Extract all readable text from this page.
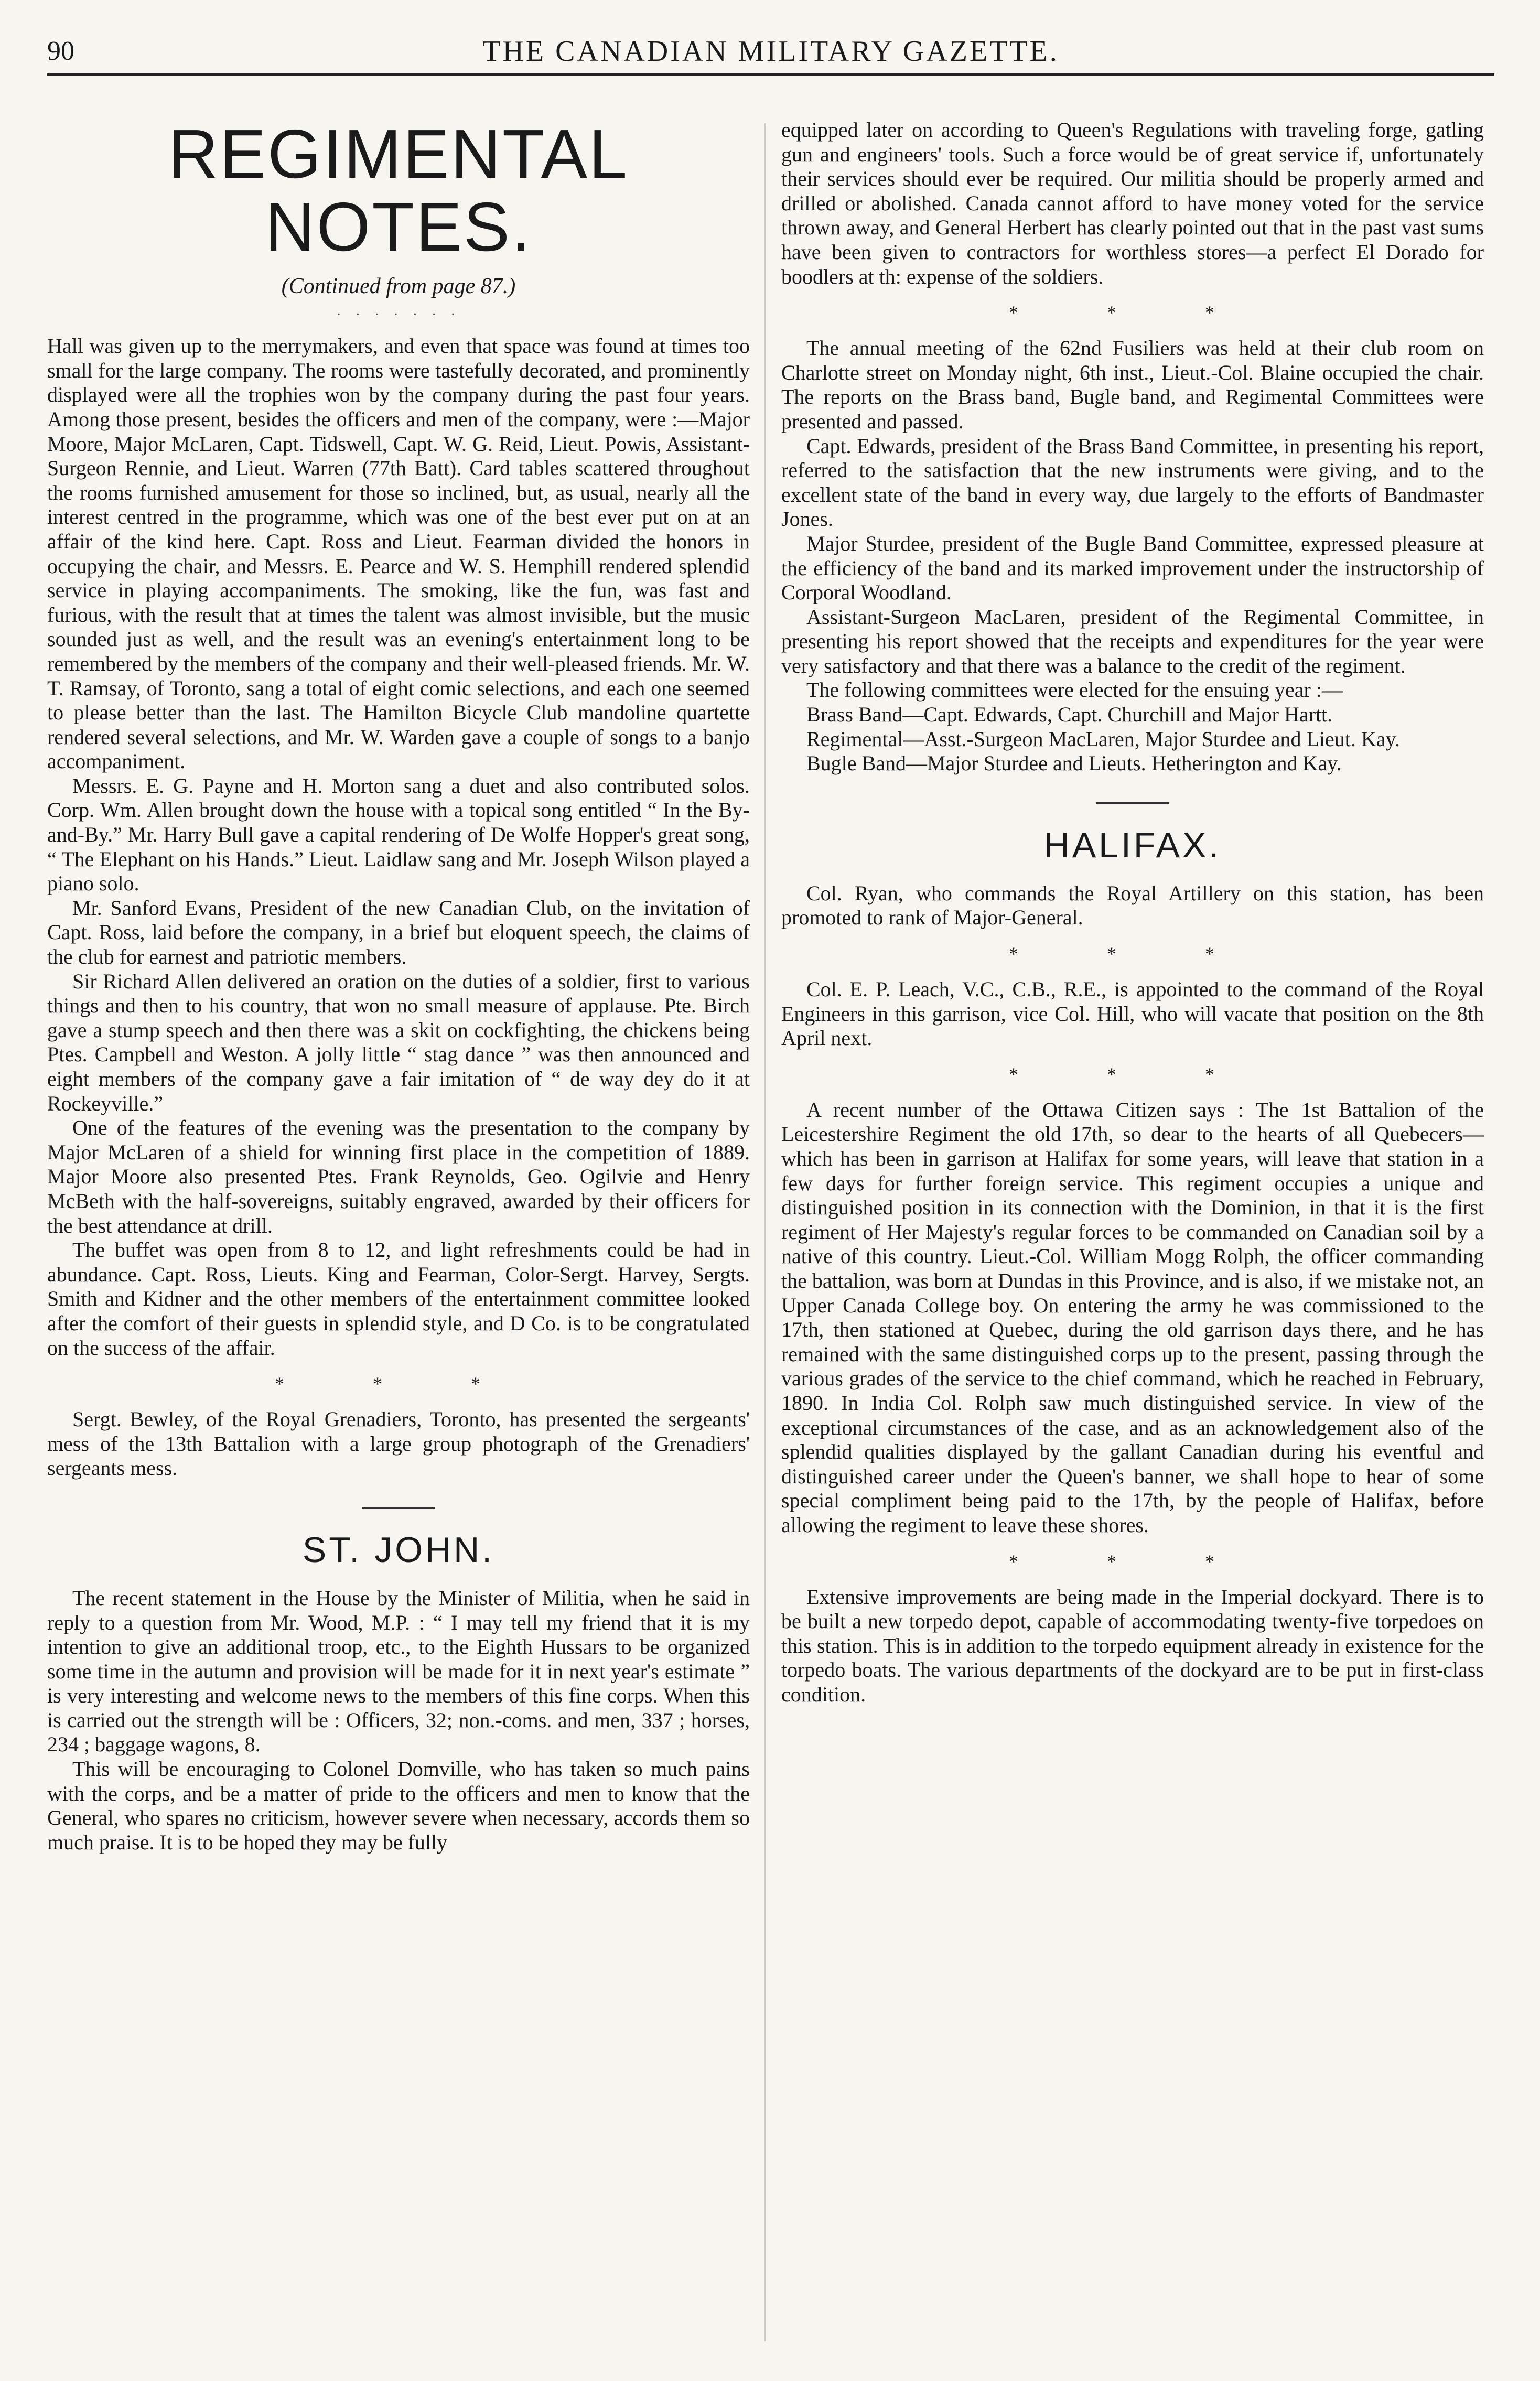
90	THE CANADIAN MILITARY GAZETTE.
REGIMENTAL NOTES.
(Continued from page 87.)
· · · · · · ·

Hall was given up to the merrymakers, and even that space was found at times too small for the large company. The rooms were tastefully decorated, and prominently displayed were all the trophies won by the company during the past four years. Among those present, besides the officers and men of the company, were :—Major Moore, Major McLaren, Capt. Tidswell, Capt. W. G. Reid, Lieut. Powis, Assistant-Surgeon Rennie, and Lieut. Warren (77th Batt). Card tables scattered throughout the rooms furnished amusement for those so inclined, but, as usual, nearly all the interest centred in the programme, which was one of the best ever put on at an affair of the kind here. Capt. Ross and Lieut. Fearman divided the honors in occupying the chair, and Messrs. E. Pearce and W. S. Hemphill rendered splendid service in playing accompaniments. The smoking, like the fun, was fast and furious, with the result that at times the talent was almost invisible, but the music sounded just as well, and the result was an evening's entertainment long to be remembered by the members of the company and their well-pleased friends. Mr. W. T. Ramsay, of Toronto, sang a total of eight comic selections, and each one seemed to please better than the last. The Hamilton Bicycle Club mandoline quartette rendered several selections, and Mr. W. Warden gave a couple of songs to a banjo accompaniment.

Messrs. E. G. Payne and H. Morton sang a duet and also contributed solos. Corp. Wm. Allen brought down the house with a topical song entitled “ In the By-and-By.” Mr. Harry Bull gave a capital rendering of De Wolfe Hopper's great song, “ The Elephant on his Hands.” Lieut. Laidlaw sang and Mr. Joseph Wilson played a piano solo.

Mr. Sanford Evans, President of the new Canadian Club, on the invitation of Capt. Ross, laid before the company, in a brief but eloquent speech, the claims of the club for earnest and patriotic members.

Sir Richard Allen delivered an oration on the duties of a soldier, first to various things and then to his country, that won no small measure of applause. Pte. Birch gave a stump speech and then there was a skit on cockfighting, the chickens being Ptes. Campbell and Weston. A jolly little “ stag dance ” was then announced and eight members of the company gave a fair imitation of “ de way dey do it at Rockeyville.”

One of the features of the evening was the presentation to the company by Major McLaren of a shield for winning first place in the competition of 1889. Major Moore also presented Ptes. Frank Reynolds, Geo. Ogilvie and Henry McBeth with the half-sovereigns, suitably engraved, awarded by their officers for the best attendance at drill.

The buffet was open from 8 to 12, and light refreshments could be had in abundance. Capt. Ross, Lieuts. King and Fearman, Color-Sergt. Harvey, Sergts. Smith and Kidner and the other members of the entertainment committee looked after the comfort of their guests in splendid style, and D Co. is to be congratulated on the success of the affair.

* * *

Sergt. Bewley, of the Royal Grenadiers, Toronto, has presented the sergeants' mess of the 13th Battalion with a large group photograph of the Grenadiers' sergeants mess.

ST. JOHN.

The recent statement in the House by the Minister of Militia, when he said in reply to a question from Mr. Wood, M.P. : “ I may tell my friend that it is my intention to give an additional troop, etc., to the Eighth Hussars to be organized some time in the autumn and provision will be made for it in next year's estimate ” is very interesting and welcome news to the members of this fine corps. When this is carried out the strength will be : Officers, 32; non.-coms. and men, 337 ; horses, 234 ; baggage wagons, 8.

This will be encouraging to Colonel Domville, who has taken so much pains with the corps, and be a matter of pride to the officers and men to know that the General, who spares no criticism, however severe when necessary, accords them so much praise. It is to be hoped they may be fully

equipped later on according to Queen's Regulations with traveling forge, gatling gun and engineers' tools. Such a force would be of great service if, unfortunately their services should ever be required. Our militia should be properly armed and drilled or abolished. Canada cannot afford to have money voted for the service thrown away, and General Herbert has clearly pointed out that in the past vast sums have been given to contractors for worthless stores—a perfect El Dorado for boodlers at th: expense of the soldiers.

* * *

The annual meeting of the 62nd Fusiliers was held at their club room on Charlotte street on Monday night, 6th inst., Lieut.-Col. Blaine occupied the chair. The reports on the Brass band, Bugle band, and Regimental Committees were presented and passed.

Capt. Edwards, president of the Brass Band Committee, in presenting his report, referred to the satisfaction that the new instruments were giving, and to the excellent state of the band in every way, due largely to the efforts of Bandmaster Jones.

Major Sturdee, president of the Bugle Band Committee, expressed pleasure at the efficiency of the band and its marked improvement under the instructorship of Corporal Woodland.

Assistant-Surgeon MacLaren, president of the Regimental Committee, in presenting his report showed that the receipts and expenditures for the year were very satisfactory and that there was a balance to the credit of the regiment.

The following committees were elected for the ensuing year :—

Brass Band—Capt. Edwards, Capt. Churchill and Major Hartt.

Regimental—Asst.-Surgeon MacLaren, Major Sturdee and Lieut. Kay.

Bugle Band—Major Sturdee and Lieuts. Hetherington and Kay.

HALIFAX.

Col. Ryan, who commands the Royal Artillery on this station, has been promoted to rank of Major-General.

* * *

Col. E. P. Leach, V.C., C.B., R.E., is appointed to the command of the Royal Engineers in this garrison, vice Col. Hill, who will vacate that position on the 8th April next.

* * *

A recent number of the Ottawa Citizen says : The 1st Battalion of the Leicestershire Regiment the old 17th, so dear to the hearts of all Quebecers—which has been in garrison at Halifax for some years, will leave that station in a few days for further foreign service. This regiment occupies a unique and distinguished position in its connection with the Dominion, in that it is the first regiment of Her Majesty's regular forces to be commanded on Canadian soil by a native of this country. Lieut.-Col. William Mogg Rolph, the officer commanding the battalion, was born at Dundas in this Province, and is also, if we mistake not, an Upper Canada College boy. On entering the army he was commissioned to the 17th, then stationed at Quebec, during the old garrison days there, and he has remained with the same distinguished corps up to the present, passing through the various grades of the service to the chief command, which he reached in February, 1890. In India Col. Rolph saw much distinguished service. In view of the exceptional circumstances of the case, and as an acknowledgement also of the splendid qualities displayed by the gallant Canadian during his eventful and distinguished career under the Queen's banner, we shall hope to hear of some special compliment being paid to the 17th, by the people of Halifax, before allowing the regiment to leave these shores.

* * *

Extensive improvements are being made in the Imperial dockyard. There is to be built a new torpedo depot, capable of accommodating twenty-five torpedoes on this station. This is in addition to the torpedo equipment already in existence for the torpedo boats. The various departments of the dockyard are to be put in first-class condition.
